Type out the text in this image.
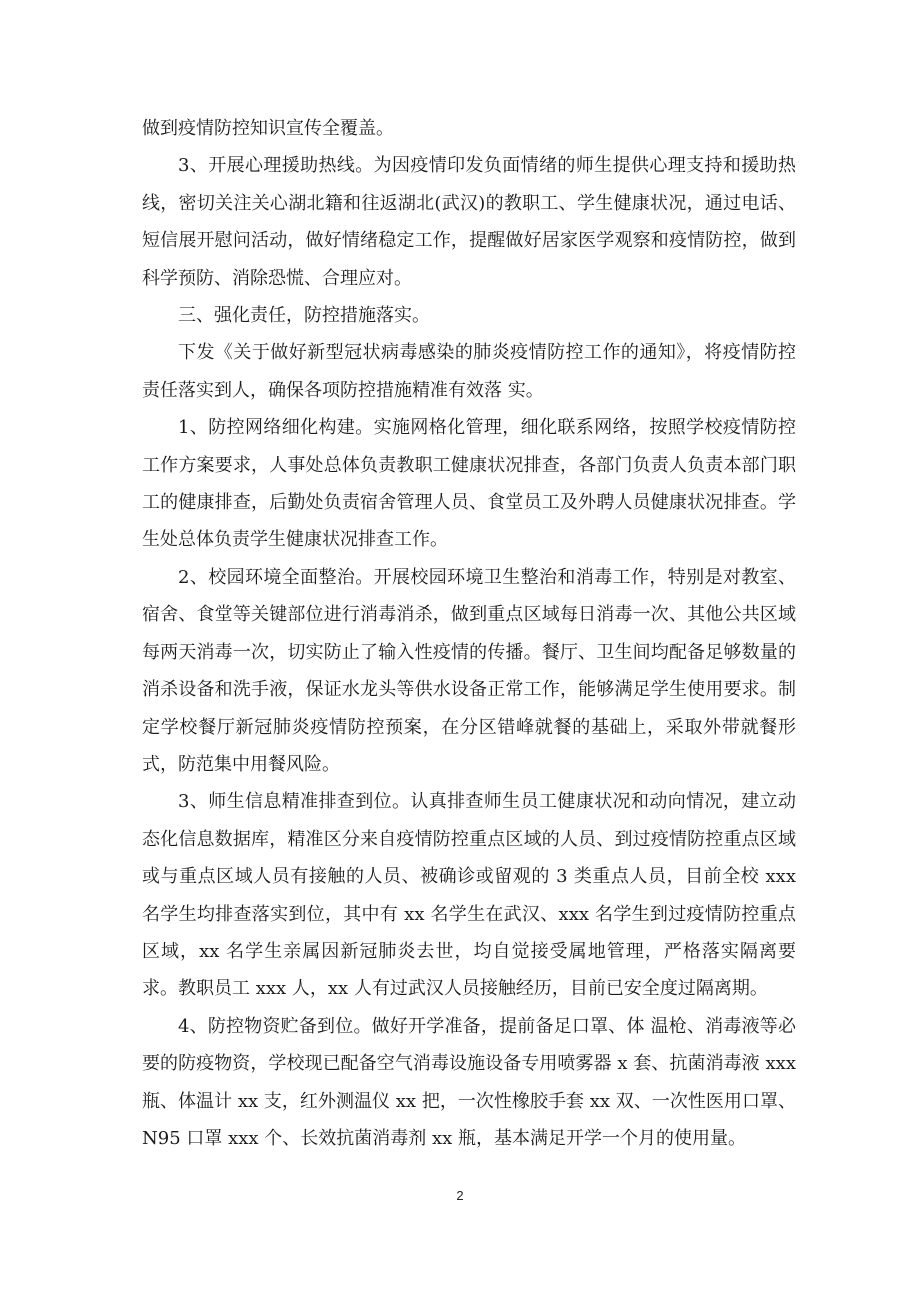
做到疫情防控知识宣传全覆盖。

3、开展心理援助热线。为因疫情印发负面情绪的师生提供心理支持和援助热线，密切关注关心湖北籍和往返湖北(武汉)的教职工、学生健康状况，通过电话、短信展开慰问活动，做好情绪稳定工作，提醒做好居家医学观察和疫情防控，做到科学预防、消除恐慌、合理应对。

三、强化责任，防控措施落实。

下发《关于做好新型冠状病毒感染的肺炎疫情防控工作的通知》，将疫情防控责任落实到人，确保各项防控措施精准有效落 实。

1、防控网络细化构建。实施网格化管理，细化联系网络，按照学校疫情防控工作方案要求，人事处总体负责教职工健康状况排查，各部门负责人负责本部门职工的健康排查，后勤处负责宿舍管理人员、食堂员工及外聘人员健康状况排查。学生处总体负责学生健康状况排查工作。

2、校园环境全面整治。开展校园环境卫生整治和消毒工作，特别是对教室、宿舍、食堂等关键部位进行消毒消杀，做到重点区域每日消毒一次、其他公共区域每两天消毒一次，切实防止了输入性疫情的传播。餐厅、卫生间均配备足够数量的消杀设备和洗手液，保证水龙头等供水设备正常工作，能够满足学生使用要求。制定学校餐厅新冠肺炎疫情防控预案，在分区错峰就餐的基础上，采取外带就餐形式，防范集中用餐风险。

3、师生信息精准排查到位。认真排查师生员工健康状况和动向情况，建立动态化信息数据库，精准区分来自疫情防控重点区域的人员、到过疫情防控重点区域或与重点区域人员有接触的人员、被确诊或留观的 3 类重点人员，目前全校 xxx 名学生均排查落实到位，其中有 xx 名学生在武汉、xxx 名学生到过疫情防控重点区域，xx 名学生亲属因新冠肺炎去世，均自觉接受属地管理，严格落实隔离要求。教职员工 xxx 人，xx 人有过武汉人员接触经历，目前已安全度过隔离期。

4、防控物资贮备到位。做好开学准备，提前备足口罩、体 温枪、消毒液等必要的防疫物资，学校现已配备空气消毒设施设备专用喷雾器 x 套、抗菌消毒液 xxx 瓶、体温计 xx 支，红外测温仪 xx 把，一次性橡胶手套 xx 双、一次性医用口罩、N95 口罩 xxx 个、长效抗菌消毒剂 xx 瓶，基本满足开学一个月的使用量。

2
